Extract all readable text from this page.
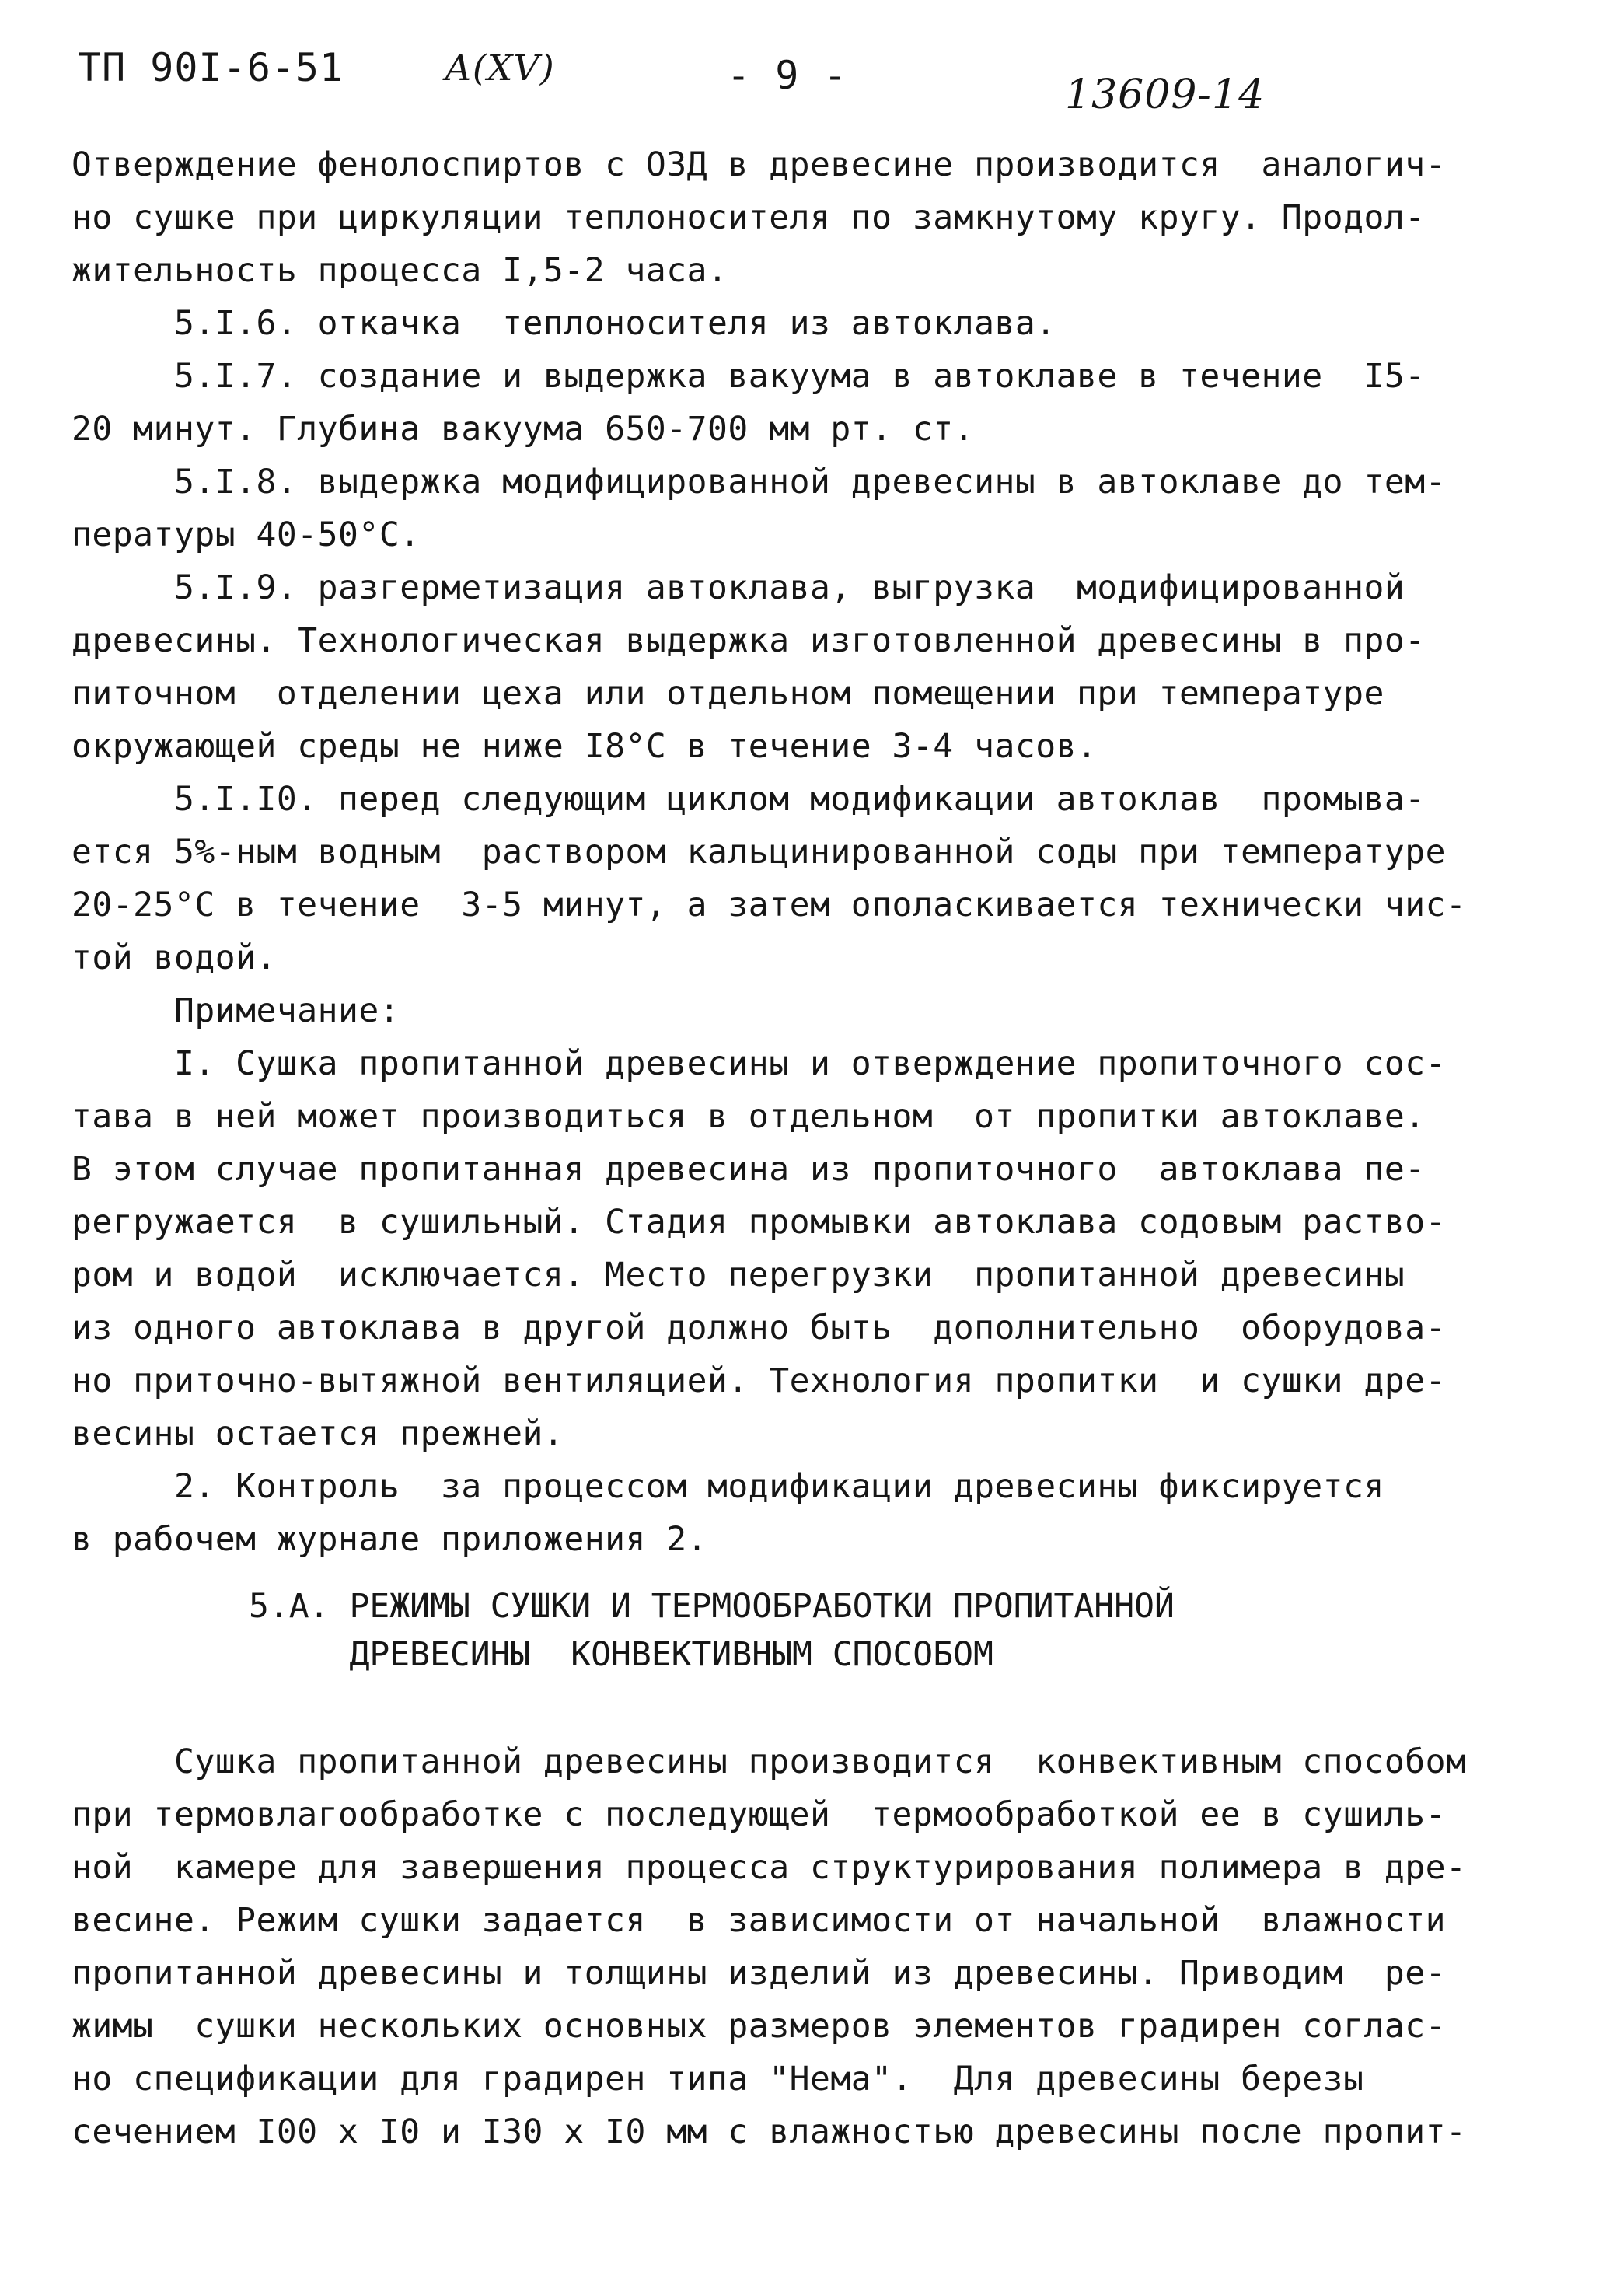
ТП 90I-6-51	А(XV)	- 9 -	13609-14
Отверждение фенолоспиртов с ОЗД в древесине производится  аналогич-
но сушке при циркуляции теплоносителя по замкнутому кругу. Продол-
жительность процесса I,5-2 часа.
5.I.6. откачка  теплоносителя из автоклава.
5.I.7. создание и выдержка вакуума в автоклаве в течение  I5-
20 минут. Глубина вакуума 650-700 мм рт. ст.
5.I.8. выдержка модифицированной древесины в автоклаве до тем-
пературы 40-50°С.
5.I.9. разгерметизация автоклава, выгрузка  модифицированной
древесины. Технологическая выдержка изготовленной древесины в про-
питочном  отделении цеха или отдельном помещении при температуре
окружающей среды не ниже I8°С в течение 3-4 часов.
5.I.I0. перед следующим циклом модификации автоклав  промыва-
ется 5%-ным водным  раствором кальцинированной соды при температуре
20-25°С в течение  3-5 минут, а затем ополаскивается технически чис-
той водой.
Примечание:
I. Сушка пропитанной древесины и отверждение пропиточного сос-
тава в ней может производиться в отдельном  от пропитки автоклаве.
В этом случае пропитанная древесина из пропиточного  автоклава пе-
регружается  в сушильный. Стадия промывки автоклава содовым раство-
ром и водой  исключается. Место перегрузки  пропитанной древесины
из одного автоклава в другой должно быть  дополнительно  оборудова-
но приточно-вытяжной вентиляцией. Технология пропитки  и сушки дре-
весины остается прежней.
2. Контроль  за процессом модификации древесины фиксируется
в рабочем журнале приложения 2.
5.А. РЕЖИМЫ СУШКИ И ТЕРМООБРАБОТКИ ПРОПИТАННОЙ
ДРЕВЕСИНЫ  КОНВЕКТИВНЫМ СПОСОБОМ
Сушка пропитанной древесины производится  конвективным способом
при термовлагообработке с последующей  термообработкой ее в сушиль-
ной  камере для завершения процесса структурирования полимера в дре-
весине. Режим сушки задается  в зависимости от начальной  влажности
пропитанной древесины и толщины изделий из древесины. Приводим  ре-
жимы  сушки нескольких основных размеров элементов градирен соглас-
но спецификации для градирен типа "Нема".  Для древесины березы
сечением I00 x I0 и I30 x I0 мм с влажностью древесины после пропит-
